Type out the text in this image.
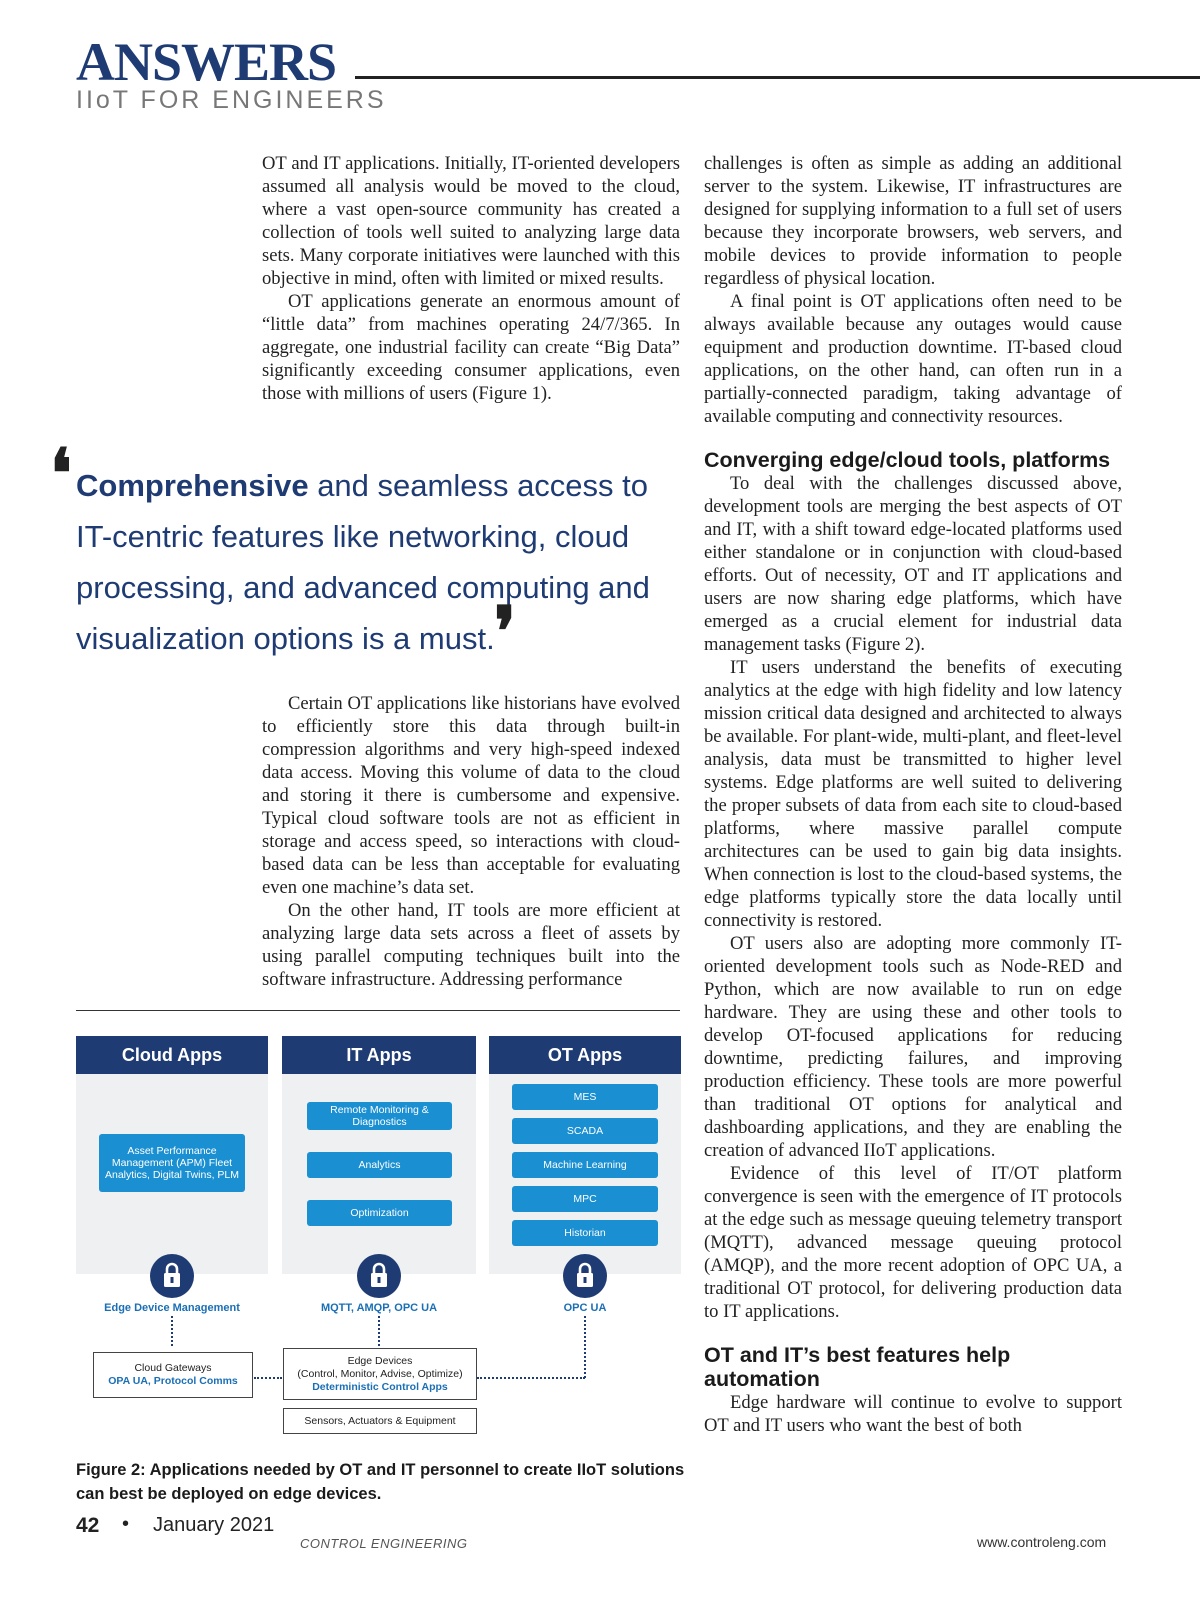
ANSWERS
IIoT FOR ENGINEERS

OT and IT applications. Initially, IT-oriented developers assumed all analysis would be moved to the cloud, where a vast open-source community has created a collection of tools well suited to analyzing large data sets. Many corporate initiatives were launched with this objective in mind, often with limited or mixed results.

OT applications generate an enormous amount of “little data” from machines operating 24/7/365. In aggregate, one industrial facility can create “Big Data” significantly exceeding consumer applications, even those with millions of users (Figure 1).

❛ Comprehensive and seamless access to IT-centric features like networking, cloud processing, and advanced computing and visualization options is a must. ❜

Certain OT applications like historians have evolved to efficiently store this data through built-in compression algorithms and very high-speed indexed data access. Moving this volume of data to the cloud and storing it there is cumbersome and expensive. Typical cloud software tools are not as efficient in storage and access speed, so interactions with cloud-based data can be less than acceptable for evaluating even one machine’s data set.

On the other hand, IT tools are more efficient at analyzing large data sets across a fleet of assets by using parallel computing techniques built into the software infrastructure. Addressing performance

Cloud Apps
Asset Performance Management (APM) Fleet Analytics, Digital Twins, PLM
IT Apps
Remote Monitoring & Diagnostics
Analytics
Optimization
OT Apps
MES
SCADA
Machine Learning
MPC
Historian
Edge Device Management	MQTT, AMQP, OPC UA	OPC UA
Cloud Gateways
OPA UA, Protocol Comms
Edge Devices
(Control, Monitor, Advise, Optimize)
Deterministic Control Apps
Sensors, Actuators & Equipment
Figure 2: Applications needed by OT and IT personnel to create IIoT solutions can best be deployed on edge devices.

challenges is often as simple as adding an additional server to the system. Likewise, IT infrastructures are designed for supplying information to a full set of users because they incorporate browsers, web servers, and mobile devices to provide information to people regardless of physical location.

A final point is OT applications often need to be always available because any outages would cause equipment and production downtime. IT-based cloud applications, on the other hand, can often run in a partially-connected paradigm, taking advantage of available computing and connectivity resources.

Converging edge/cloud tools, platforms

To deal with the challenges discussed above, development tools are merging the best aspects of OT and IT, with a shift toward edge-located platforms used either standalone or in conjunction with cloud-based efforts. Out of necessity, OT and IT applications and users are now sharing edge platforms, which have emerged as a crucial element for industrial data management tasks (Figure 2).

IT users understand the benefits of executing analytics at the edge with high fidelity and low latency mission critical data designed and architected to always be available. For plant-wide, multi-plant, and fleet-level analysis, data must be transmitted to higher level systems. Edge platforms are well suited to delivering the proper subsets of data from each site to cloud-based platforms, where massive parallel compute architectures can be used to gain big data insights. When connection is lost to the cloud-based systems, the edge platforms typically store the data locally until connectivity is restored.

OT users also are adopting more commonly IT-oriented development tools such as Node-RED and Python, which are now available to run on edge hardware. They are using these and other tools to develop OT-focused applications for reducing downtime, predicting failures, and improving production efficiency. These tools are more powerful than traditional OT options for analytical and dashboarding applications, and they are enabling the creation of advanced IIoT applications.

Evidence of this level of IT/OT platform convergence is seen with the emergence of IT protocols at the edge such as message queuing telemetry transport (MQTT), advanced message queuing protocol (AMQP), and the more recent adoption of OPC UA, a traditional OT protocol, for delivering production data to IT applications.

OT and IT’s best features help automation

Edge hardware will continue to evolve to support OT and IT users who want the best of both

42 • January 2021
CONTROL ENGINEERING	www.controleng.com
